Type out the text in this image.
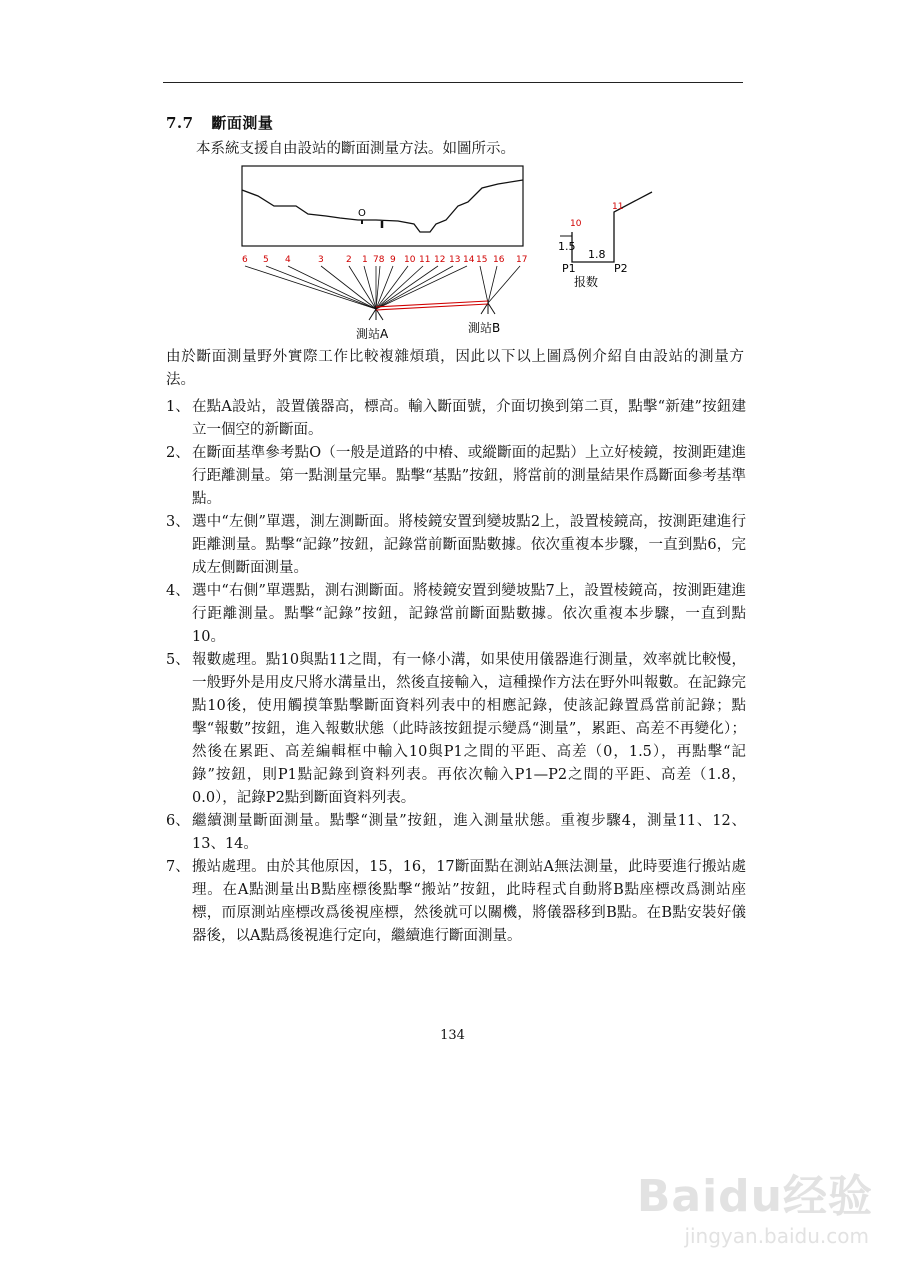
7.7 斷面測量
本系統支援自由設站的斷面測量方法。如圖所示。
O
6 5 4	3 2 1 78 9 10 11 12 13 14 15 16 17
測站A	測站B
10
11
1.5
1.8
P1	P2
报数
由於斷面測量野外實際工作比較複雜煩瑣，因此以下以上圖爲例介紹自由設站的測量方法。
1、 在點A設站，設置儀器高，標高。輸入斷面號，介面切換到第二頁，點擊“新建”按鈕建立一個空的新斷面。
2、 在斷面基準參考點O（一般是道路的中樁、或縱斷面的起點）上立好棱鏡，按測距建進行距離測量。第一點測量完畢。點擊“基點”按鈕，將當前的測量結果作爲斷面參考基準點。
3、 選中“左側”單選，測左測斷面。將棱鏡安置到變坡點2上，設置棱鏡高，按測距建進行距離測量。點擊“記錄”按鈕，記錄當前斷面點數據。依次重複本步驟，一直到點6，完成左側斷面測量。
4、 選中“右側”單選點，測右測斷面。將棱鏡安置到變坡點7上，設置棱鏡高，按測距建進行距離測量。點擊“記錄”按鈕，記錄當前斷面點數據。依次重複本步驟，一直到點10。
5、 報數處理。點10與點11之間，有一條小溝，如果使用儀器進行測量，效率就比較慢，一般野外是用皮尺將水溝量出，然後直接輸入，這種操作方法在野外叫報數。在記錄完點10後，使用觸摸筆點擊斷面資料列表中的相應記錄，使該記錄置爲當前記錄；點擊“報數”按鈕，進入報數狀態（此時該按鈕提示變爲“測量”，累距、高差不再變化）；然後在累距、高差編輯框中輸入10與P1之間的平距、高差（0，1.5），再點擊“記錄”按鈕，則P1點記錄到資料列表。再依次輸入P1—P2之間的平距、高差（1.8，0.0），記錄P2點到斷面資料列表。
6、 繼續測量斷面測量。點擊“測量”按鈕，進入測量狀態。重複步驟4，測量11、12、13、14。
7、 搬站處理。由於其他原因，15，16，17斷面點在測站A無法測量，此時要進行搬站處理。在A點測量出B點座標後點擊“搬站”按鈕，此時程式自動將B點座標改爲測站座標，而原測站座標改爲後視座標，然後就可以關機，將儀器移到B點。在B點安裝好儀器後，以A點爲後視進行定向，繼續進行斷面測量。
134
Baidu经验
jingyan.baidu.com
